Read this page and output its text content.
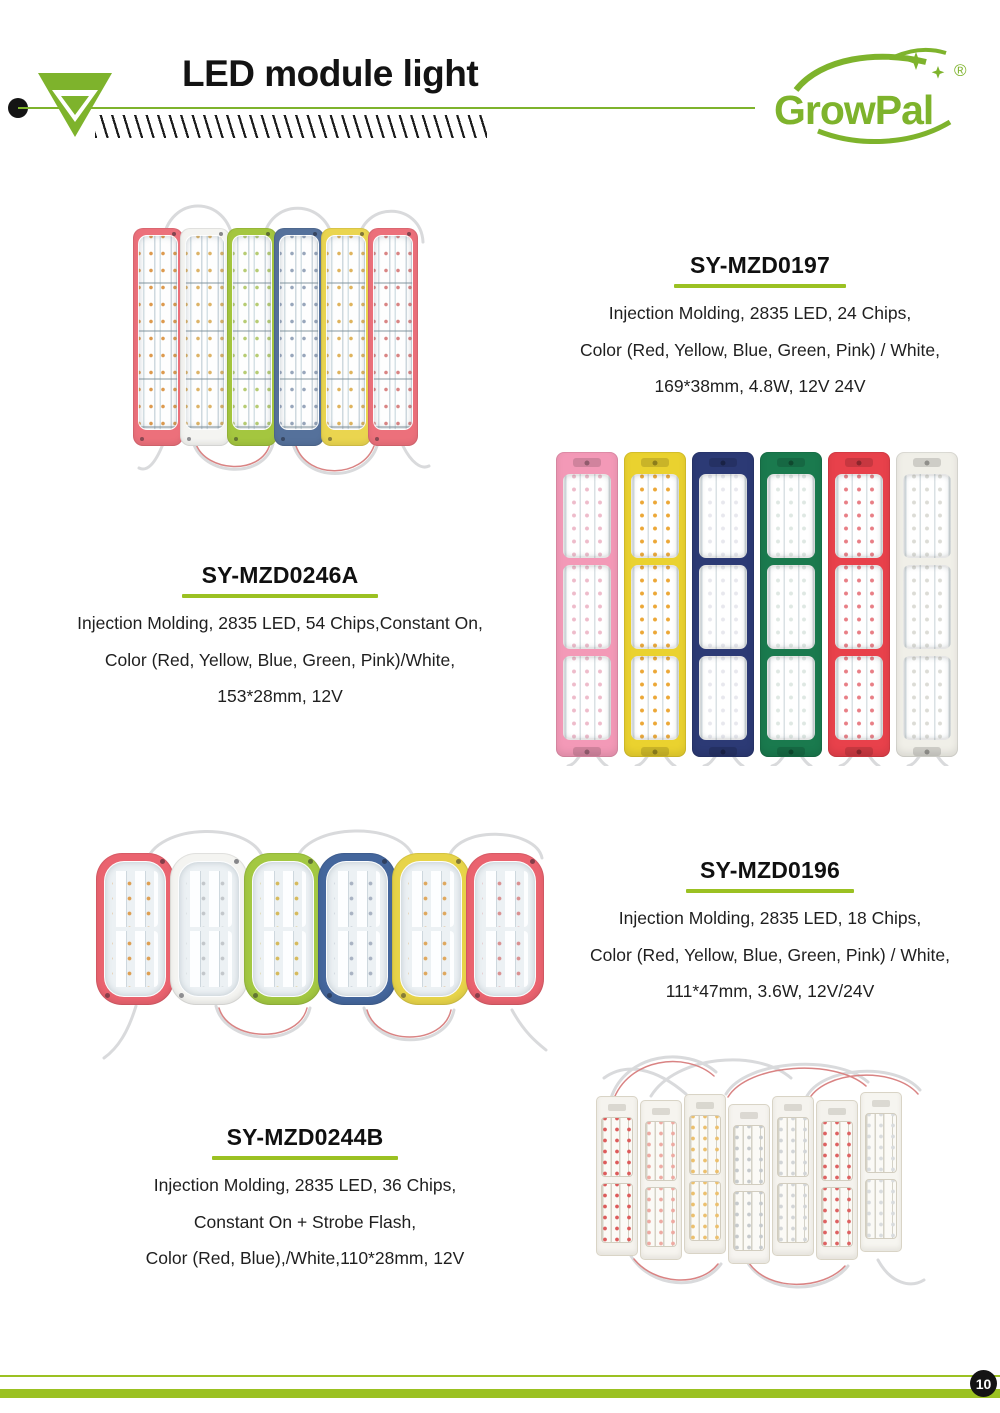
LED module light
GrowPal
®
SY-MZD0197
Injection Molding, 2835 LED, 24 Chips,
Color (Red, Yellow, Blue, Green, Pink) / White,
169*38mm, 4.8W, 12V 24V
SY-MZD0246A
Injection Molding, 2835 LED, 54 Chips,Constant On,
Color (Red, Yellow, Blue, Green, Pink)/White,
153*28mm, 12V
SY-MZD0196
Injection Molding, 2835 LED, 18 Chips,
Color (Red, Yellow, Blue, Green, Pink) / White,
111*47mm, 3.6W, 12V/24V
SY-MZD0244B
Injection Molding, 2835 LED, 36 Chips,
Constant On + Strobe Flash,
Color (Red, Blue),/White,110*28mm, 12V
10
